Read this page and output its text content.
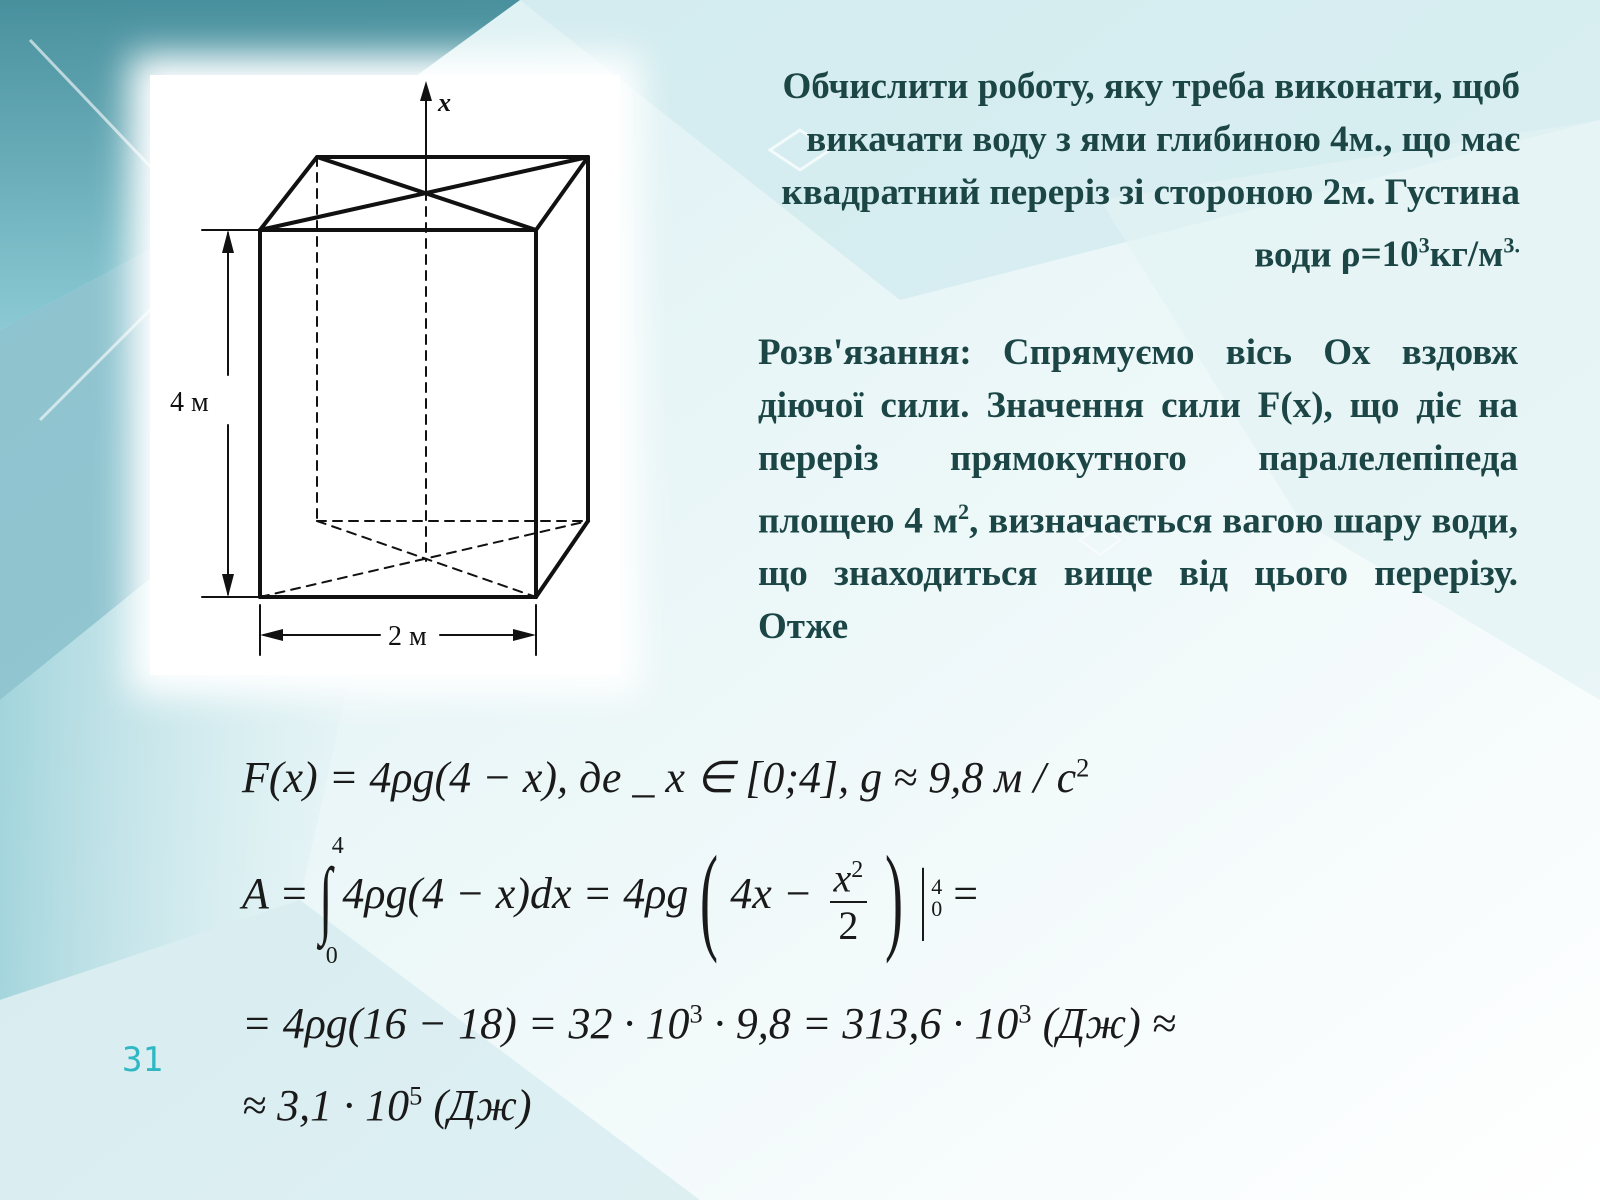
x
4 м
2 м
Обчислити роботу, яку треба виконати, щоб викачати воду з ями глибиною 4м., що має квадратний переріз зі стороною 2м. Густина води $\rho=10^3кг/м^{3.}$
Розв'язання: Спрямуємо вісь Ох вздовж діючої сили. Значення сили F(x), що діє на переріз прямокутного паралелепіпеда площею 4 $м^2$, визначається вагою шару води, що знаходиться вище від цього перерізу. Отже
F(x) = 4ρg(4 − x), де _ x ∈ [0;4], g ≈ 9,8 м / $с^2$
A =
4
∫
0
4ρg(4 − x)dx = 4ρg ( $4x - \frac{x^2}{2}$ ) | 4
0 =
= $4\rho g(16 - 18) = 32 \cdot 10^3 \cdot 9,8 = 313,6 \cdot 10^3$ (Дж) ≈
≈ $3,1 \cdot 10^5$ (Дж)
31
